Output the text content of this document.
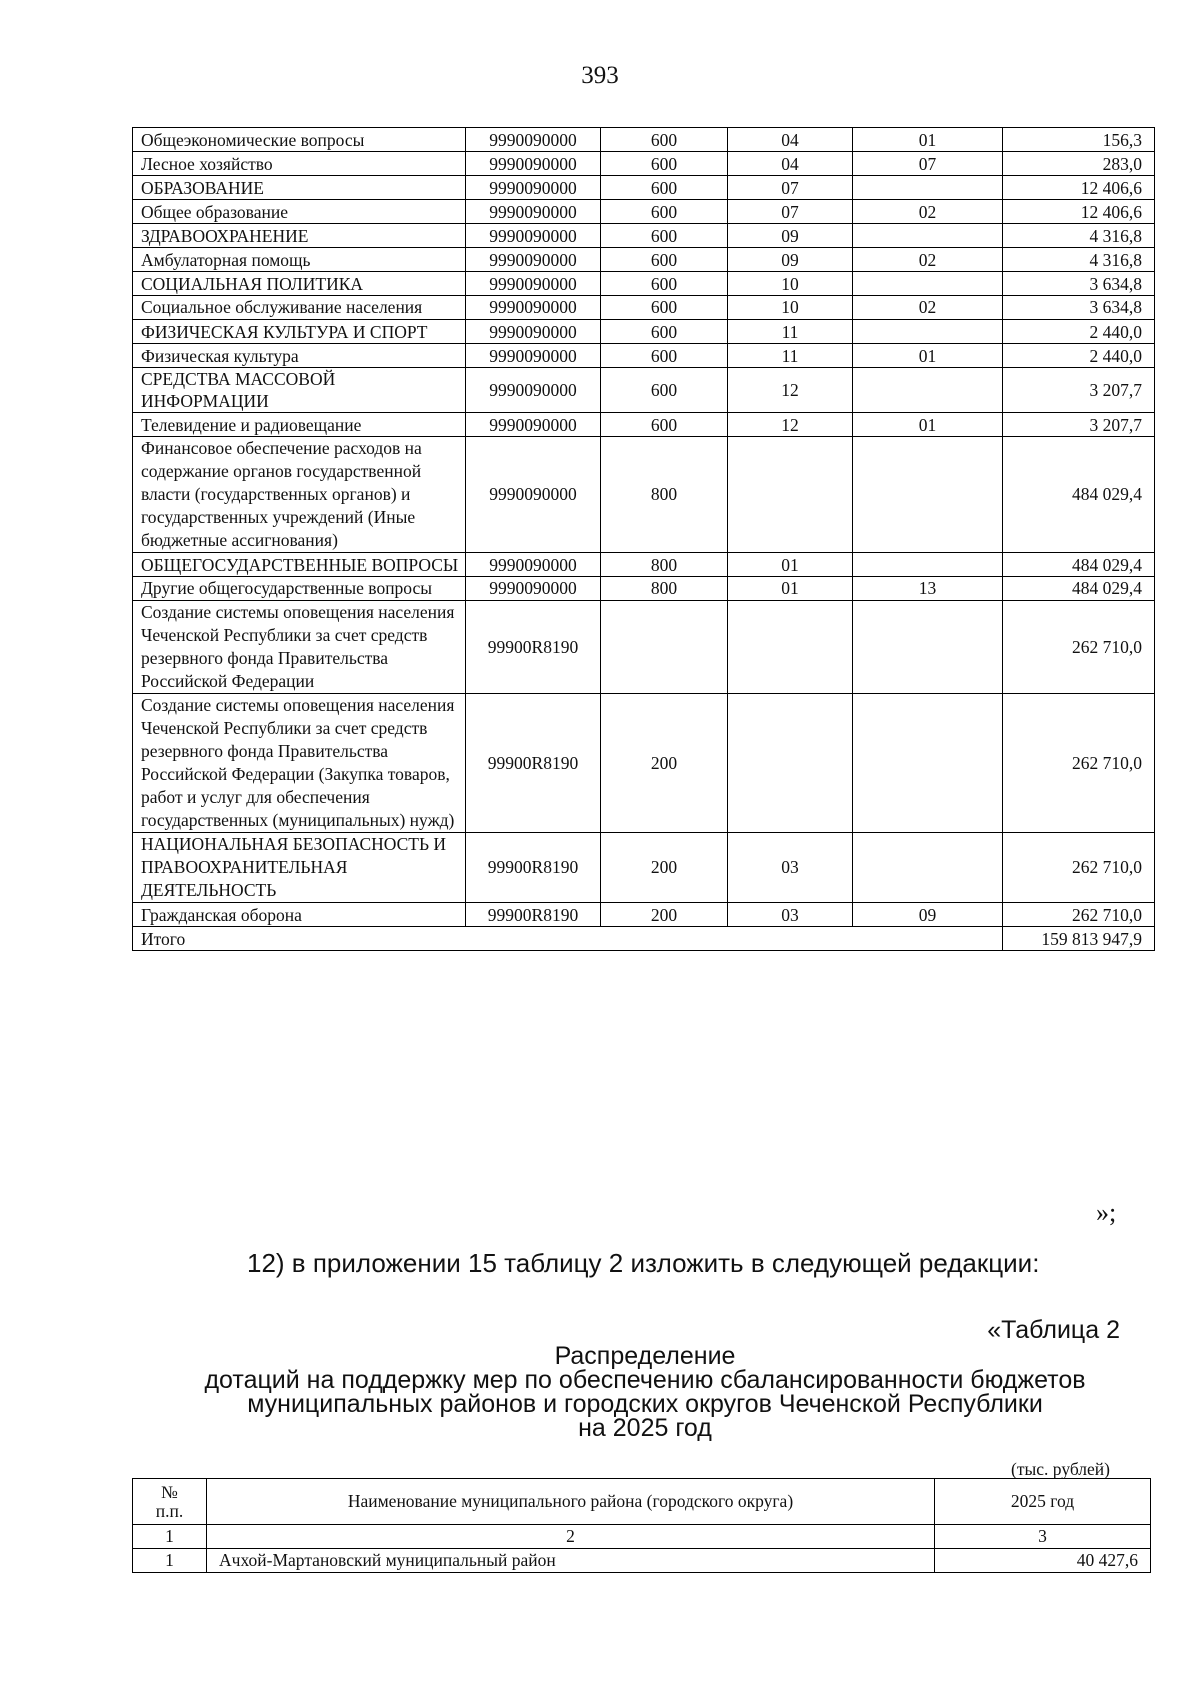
393
Общеэкономические вопросы	9990090000	600	04	01	156,3
Лесное хозяйство	9990090000	600	04	07	283,0
ОБРАЗОВАНИЕ	9990090000	600	07		12 406,6
Общее образование	9990090000	600	07	02	12 406,6
ЗДРАВООХРАНЕНИЕ	9990090000	600	09		4 316,8
Амбулаторная помощь	9990090000	600	09	02	4 316,8
СОЦИАЛЬНАЯ ПОЛИТИКА	9990090000	600	10		3 634,8
Социальное обслуживание населения	9990090000	600	10	02	3 634,8
ФИЗИЧЕСКАЯ КУЛЬТУРА И СПОРТ	9990090000	600	11		2 440,0
Физическая культура	9990090000	600	11	01	2 440,0
СРЕДСТВА МАССОВОЙ ИНФОРМАЦИИ	9990090000	600	12		3 207,7
Телевидение и радиовещание	9990090000	600	12	01	3 207,7
Финансовое обеспечение расходов на содержание органов государственной власти (государственных органов) и государственных учреждений (Иные бюджетные ассигнования)	9990090000	800			484 029,4
ОБЩЕГОСУДАРСТВЕННЫЕ ВОПРОСЫ	9990090000	800	01		484 029,4
Другие общегосударственные вопросы	9990090000	800	01	13	484 029,4
Создание системы оповещения населения Чеченской Республики за счет средств резервного фонда Правительства Российской Федерации	99900R8190				262 710,0
Создание системы оповещения населения Чеченской Республики за счет средств резервного фонда Правительства Российской Федерации (Закупка товаров, работ и услуг для обеспечения государственных (муниципальных) нужд)	99900R8190	200			262 710,0
НАЦИОНАЛЬНАЯ БЕЗОПАСНОСТЬ И ПРАВООХРАНИТЕЛЬНАЯ ДЕЯТЕЛЬНОСТЬ	99900R8190	200	03		262 710,0
Гражданская оборона	99900R8190	200	03	09	262 710,0
Итого					159 813 947,9
»;
12) в приложении 15 таблицу 2 изложить в следующей редакции:
«Таблица 2
Распределение
дотаций на поддержку мер по обеспечению сбалансированности бюджетов
муниципальных районов и городских округов Чеченской Республики
на 2025 год
(тыс. рублей)
№ п.п.	Наименование муниципального района (городского округа)	2025 год
1	2	3
1	Ачхой-Мартановский муниципальный район	40 427,6
